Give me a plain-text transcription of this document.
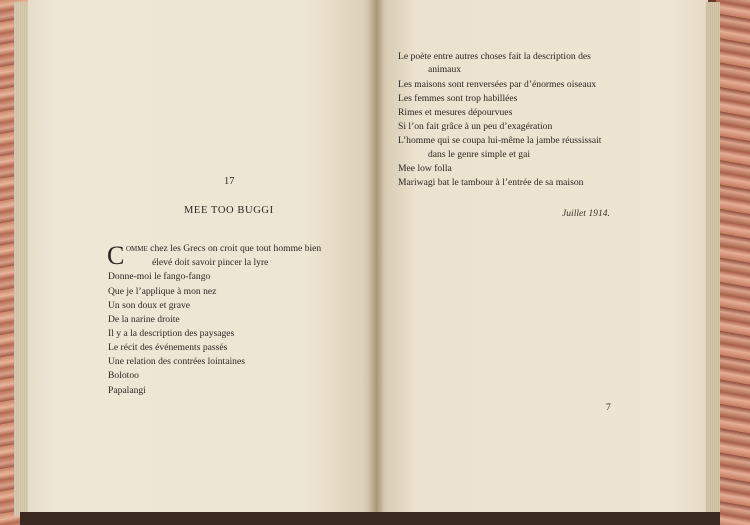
17
MEE TOO BUGGI
C omme chez les Grecs on croit que tout homme bien
élevé doit savoir pincer la lyre
Donne-moi le fango-fango
Que je l’applique à mon nez
Un son doux et grave
De la narine droite
Il y a la description des paysages
Le récit des événements passés
Une relation des contrées lointaines
Bolotoo
Papalangi
Le poète entre autres choses fait la description des
animaux
Les maisons sont renversées par d’énormes oiseaux
Les femmes sont trop habillées
Rimes et mesures dépourvues
Si l’on fait grâce à un peu d’exagération
L’homme qui se coupa lui-même la jambe réussissait
dans le genre simple et gai
Mee low folla
Mariwagi bat le tambour à l’entrée de sa maison
Juillet 1914.
7
